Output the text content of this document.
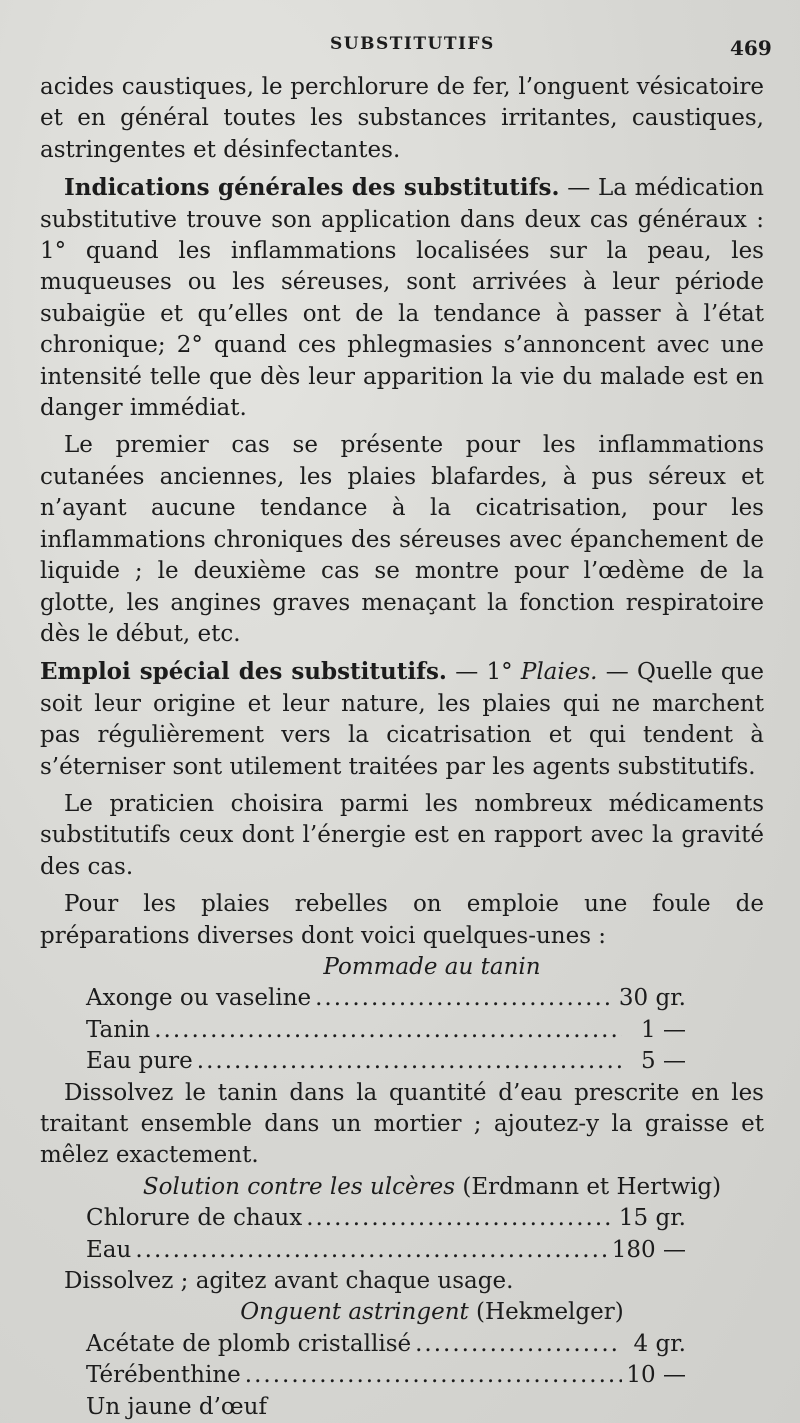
SUBSTITUTIFS	469

acides caustiques, le perchlorure de fer, l’onguent vésicatoire et en général toutes les substances irritantes, caustiques, astringentes et désinfectantes.

Indications générales des substitutifs. — La médication substitutive trouve son application dans deux cas généraux : 1° quand les inflammations localisées sur la peau, les muqueuses ou les séreuses, sont arrivées à leur période subaigüe et qu’elles ont de la tendance à passer à l’état chronique; 2° quand ces phlegmasies s’annoncent avec une intensité telle que dès leur apparition la vie du malade est en danger immédiat.

Le premier cas se présente pour les inflammations cutanées anciennes, les plaies blafardes, à pus séreux et n’ayant aucune tendance à la cicatrisation, pour les inflammations chroniques des séreuses avec épanchement de liquide ; le deuxième cas se montre pour l’œdème de la glotte, les angines graves menaçant la fonction respiratoire dès le début, etc.

Emploi spécial des substitutifs. — 1° Plaies. — Quelle que soit leur origine et leur nature, les plaies qui ne marchent pas régulièrement vers la cicatrisation et qui tendent à s’éterniser sont utilement traitées par les agents substitutifs.

Le praticien choisira parmi les nombreux médicaments substitutifs ceux dont l’énergie est en rapport avec la gravité des cas.

Pour les plaies rebelles on emploie une foule de préparations diverses dont voici quelques-unes :

Pommade au tanin

Axonge ou vaseline .....	30 gr.
Tanin .....	1 —
Eau pure .....	5 —

Dissolvez le tanin dans la quantité d’eau prescrite en les traitant ensemble dans un mortier ; ajoutez-y la graisse et mêlez exactement.

Solution contre les ulcères (Erdmann et Hertwig)

Chlorure de chaux .....	15 gr.
Eau .....	180 —

Dissolvez ; agitez avant chaque usage.

Onguent astringent (Hekmelger)

Acétate de plomb cristallisé .....	4 gr.
Térébenthine .....	10 —
Un jaune d’œuf
